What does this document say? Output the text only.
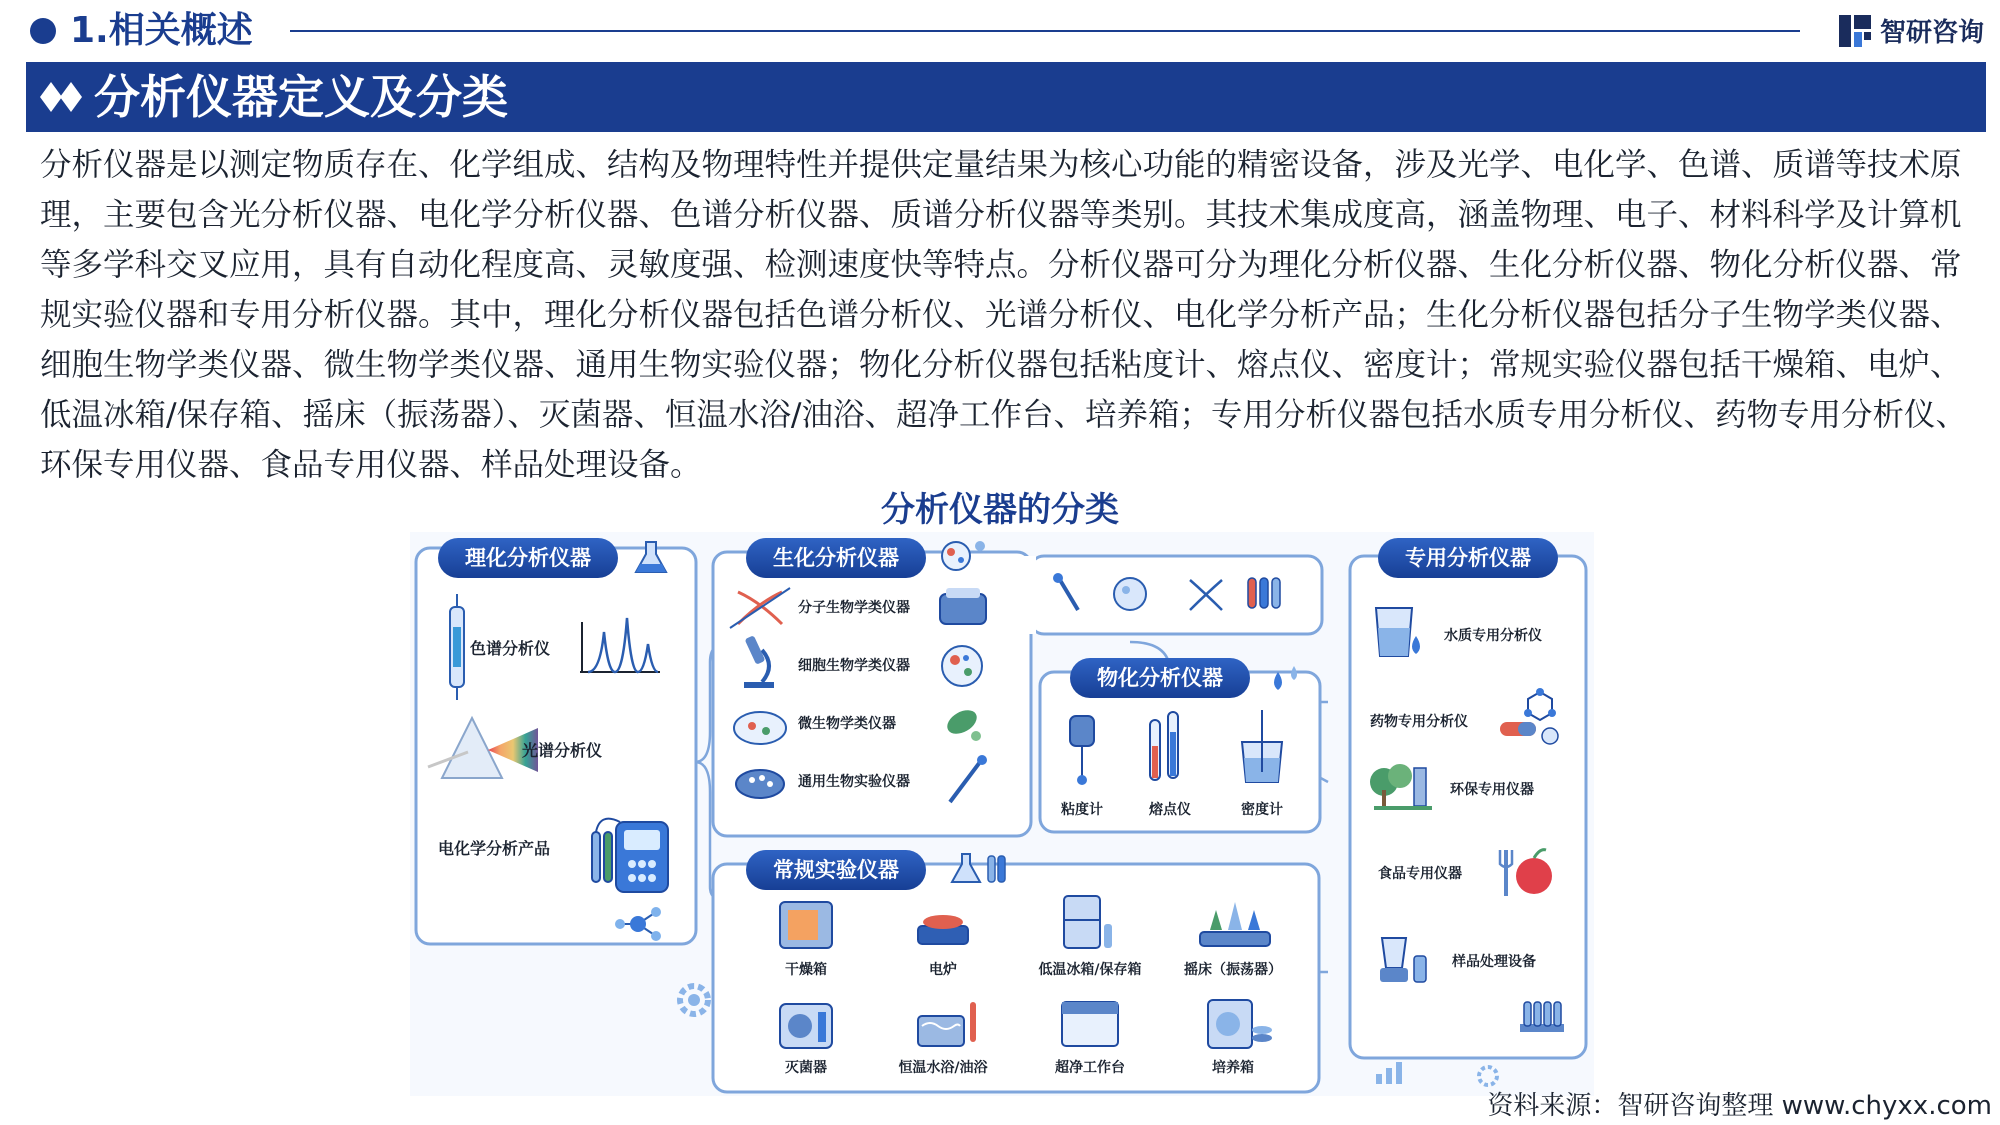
1.相关概述	智研咨询
分析仪器定义及分类

分析仪器是以测定物质存在、化学组成、结构及物理特性并提供定量结果为核心功能的精密设备，涉及光学、电化学、色谱、质谱等技术原理，主要包含光分析仪器、电化学分析仪器、色谱分析仪器、质谱分析仪器等类别。其技术集成度高，涵盖物理、电子、材料科学及计算机等多学科交叉应用，具有自动化程度高、灵敏度强、检测速度快等特点。分析仪器可分为理化分析仪器、生化分析仪器、物化分析仪器、常规实验仪器和专用分析仪器。其中，理化分析仪器包括色谱分析仪、光谱分析仪、电化学分析产品；生化分析仪器包括分子生物学类仪器、细胞生物学类仪器、微生物学类仪器、通用生物实验仪器；物化分析仪器包括粘度计、熔点仪、密度计；常规实验仪器包括干燥箱、电炉、低温冰箱/保存箱、摇床（振荡器）、灭菌器、恒温水浴/油浴、超净工作台、培养箱；专用分析仪器包括水质专用分析仪、药物专用分析仪、环保专用仪器、食品专用仪器、样品处理设备。

分析仪器的分类
理化分析仪器
色谱分析仪
光谱分析仪
电化学分析产品
生化分析仪器
分子生物学类仪器
细胞生物学类仪器
微生物学类仪器
通用生物实验仪器
物化分析仪器
粘度计	熔点仪	密度计
常规实验仪器
干燥箱	电炉	低温冰箱/保存箱	摇床（振荡器）
灭菌器	恒温水浴/油浴	超净工作台	培养箱
专用分析仪器
水质专用分析仪
药物专用分析仪
环保专用仪器
食品专用仪器
样品处理设备
资料来源：智研咨询整理 www.chyxx.com
